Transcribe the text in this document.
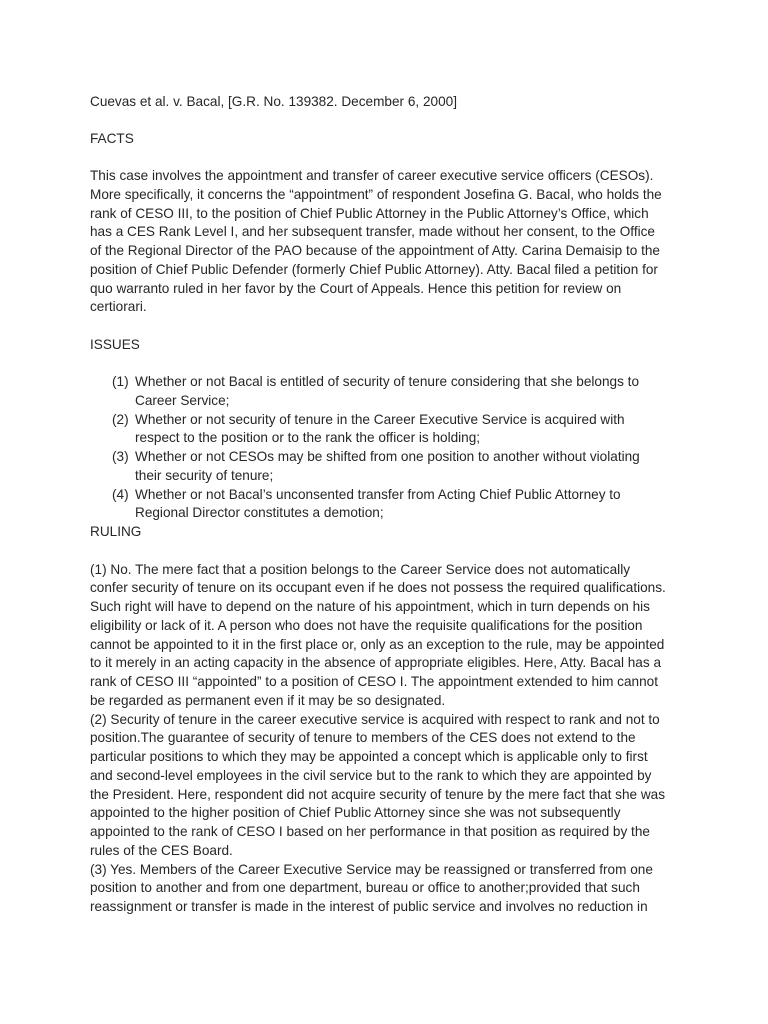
Cuevas et al. v. Bacal, [G.R. No. 139382. December 6, 2000]
FACTS
This case involves the appointment and transfer of career executive service officers (CESOs).
More specifically, it concerns the “appointment” of respondent Josefina G. Bacal, who holds the
rank of CESO III, to the position of Chief Public Attorney in the Public Attorney’s Office, which
has a CES Rank Level I, and her subsequent transfer, made without her consent, to the Office
of the Regional Director of the PAO because of the appointment of Atty. Carina Demaisip to the
position of Chief Public Defender (formerly Chief Public Attorney). Atty. Bacal filed a petition for
quo warranto ruled in her favor by the Court of Appeals. Hence this petition for review on
certiorari.
ISSUES
(1) Whether or not Bacal is entitled of security of tenure considering that she belongs to
Career Service;
(2) Whether or not security of tenure in the Career Executive Service is acquired with
respect to the position or to the rank the officer is holding;
(3) Whether or not CESOs may be shifted from one position to another without violating
their security of tenure;
(4) Whether or not Bacal’s unconsented transfer from Acting Chief Public Attorney to
Regional Director constitutes a demotion;
RULING
(1) No. The mere fact that a position belongs to the Career Service does not automatically
confer security of tenure on its occupant even if he does not possess the required qualifications.
Such right will have to depend on the nature of his appointment, which in turn depends on his
eligibility or lack of it. A person who does not have the requisite qualifications for the position
cannot be appointed to it in the first place or, only as an exception to the rule, may be appointed
to it merely in an acting capacity in the absence of appropriate eligibles. Here, Atty. Bacal has a
rank of CESO III “appointed” to a position of CESO I. The appointment extended to him cannot
be regarded as permanent even if it may be so designated.
(2) Security of tenure in the career executive service is acquired with respect to rank and not to
position.The guarantee of security of tenure to members of the CES does not extend to the
particular positions to which they may be appointed a concept which is applicable only to first
and second-level employees in the civil service but to the rank to which they are appointed by
the President. Here, respondent did not acquire security of tenure by the mere fact that she was
appointed to the higher position of Chief Public Attorney since she was not subsequently
appointed to the rank of CESO I based on her performance in that position as required by the
rules of the CES Board.
(3) Yes. Members of the Career Executive Service may be reassigned or transferred from one
position to another and from one department, bureau or office to another;provided that such
reassignment or transfer is made in the interest of public service and involves no reduction in
